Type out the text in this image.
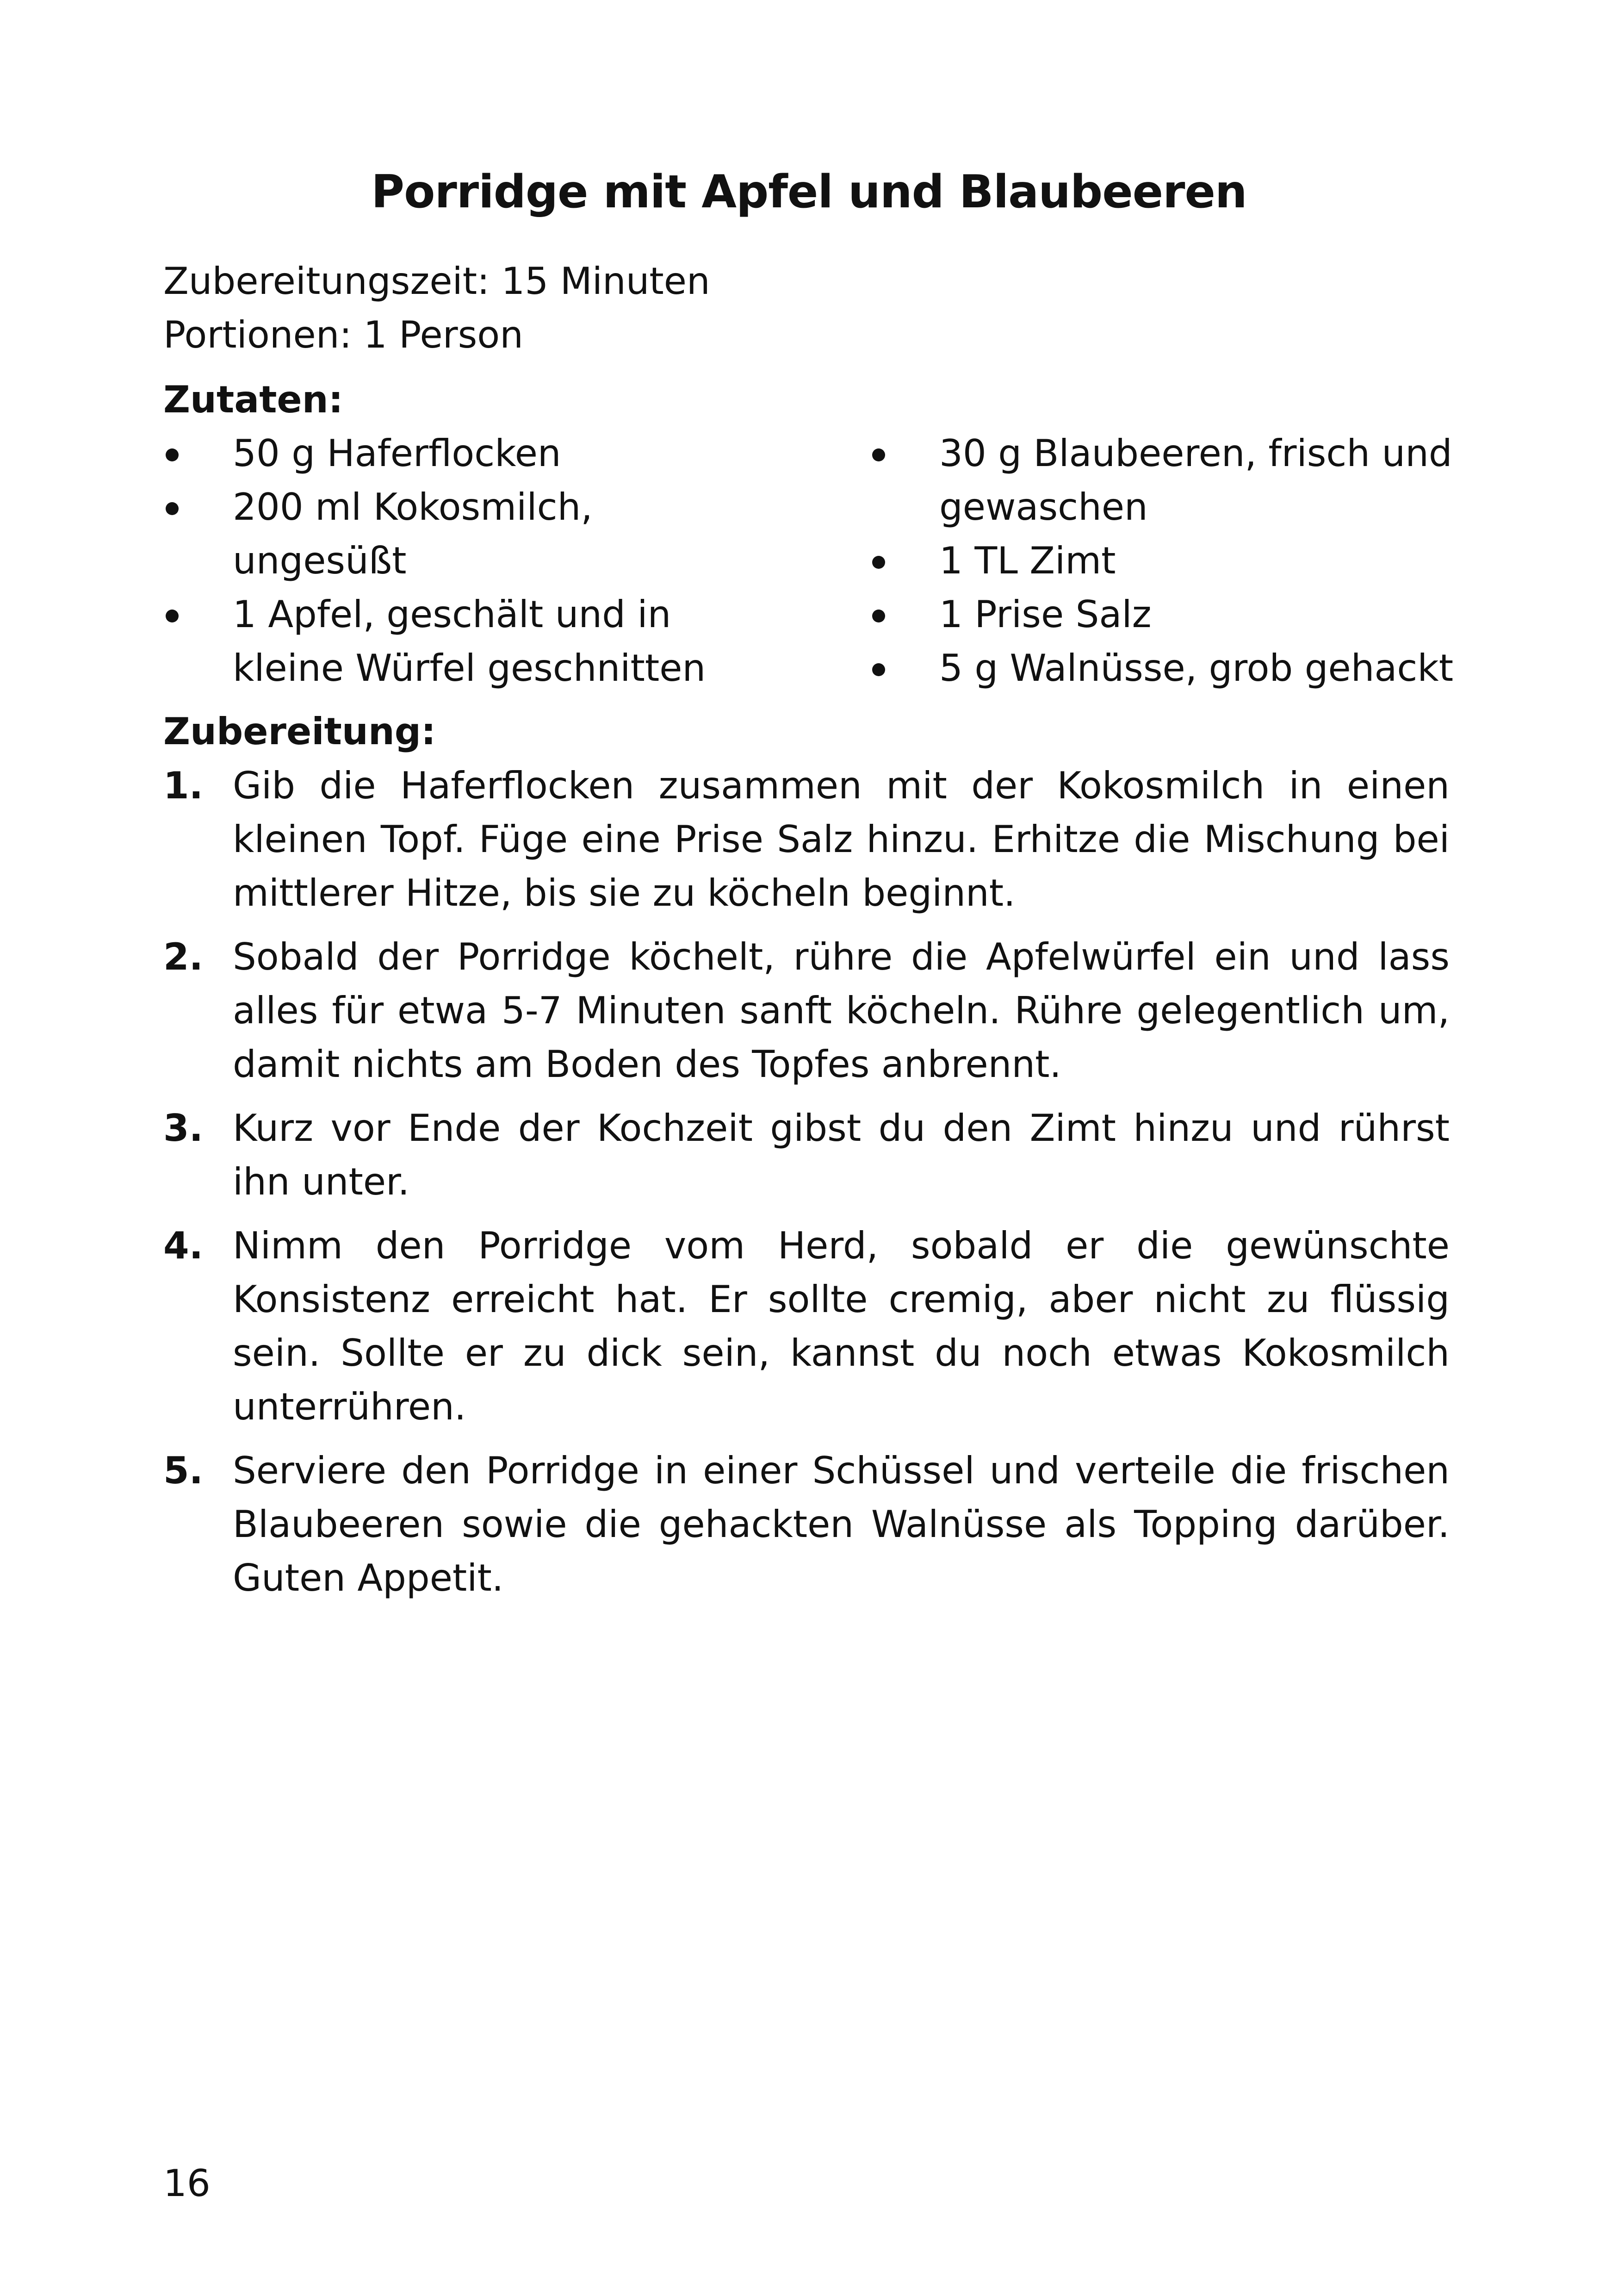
Porridge mit Apfel und Blaubeeren
Zubereitungszeit: 15 Minuten
Portionen: 1 Person
Zutaten:
50 g Haferflocken
200 ml Kokosmilch, ungesüßt
1 Apfel, geschält und in kleine Würfel geschnitten
30 g Blaubeeren, frisch und gewaschen
1 TL Zimt
1 Prise Salz
5 g Walnüsse, grob gehackt
Zubereitung:
1. Gib die Haferflocken zusammen mit der Kokosmilch in einen kleinen Topf. Füge eine Prise Salz hinzu. Erhitze die Mischung bei mittlerer Hitze, bis sie zu köcheln beginnt.
2. Sobald der Porridge köchelt, rühre die Apfelwürfel ein und lass alles für etwa 5-7 Minuten sanft köcheln. Rühre gelegentlich um, damit nichts am Boden des Topfes anbrennt.
3. Kurz vor Ende der Kochzeit gibst du den Zimt hinzu und rührst ihn unter.
4. Nimm den Porridge vom Herd, sobald er die gewünschte Konsistenz erreicht hat. Er sollte cremig, aber nicht zu flüssig sein. Sollte er zu dick sein, kannst du noch etwas Kokosmilch unterrühren.
5. Serviere den Porridge in einer Schüssel und verteile die frischen Blaubeeren sowie die gehackten Walnüsse als Topping darüber. Guten Appetit.
16
